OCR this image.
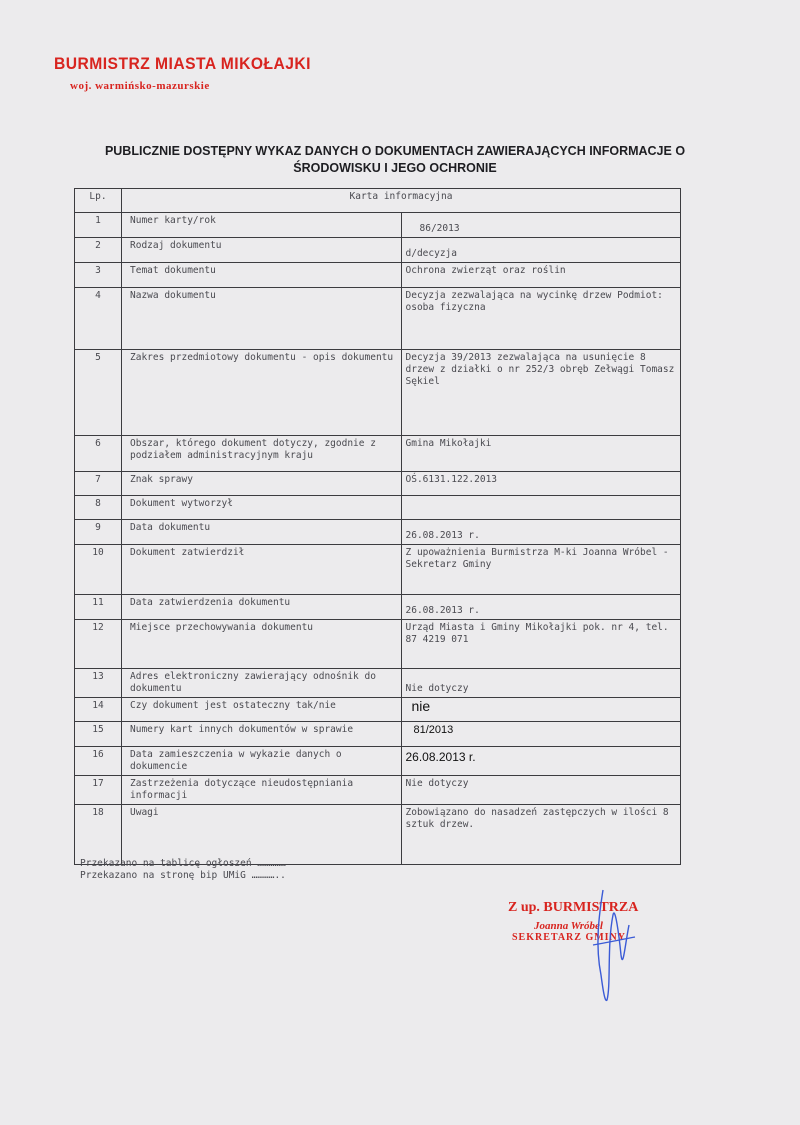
BURMISTRZ MIASTA MIKOŁAJKI
woj. warmińsko-mazurskie
PUBLICZNIE DOSTĘPNY WYKAZ DANYCH O DOKUMENTACH ZAWIERAJĄCYCH INFORMACJE O ŚRODOWISKU I JEGO OCHRONIE
Lp.	Karta informacyjna	
1	Numer karty/rok	86/2013
2	Rodzaj dokumentu	d/decyzja
3	Temat dokumentu	Ochrona zwierząt oraz roślin
4	Nazwa dokumentu	Decyzja zezwalająca na wycinkę drzew Podmiot: osoba fizyczna
5	Zakres przedmiotowy dokumentu - opis dokumentu	Decyzja 39/2013 zezwalająca na usunięcie 8 drzew z działki o nr 252/3 obręb Zełwągi Tomasz Sękiel
6	Obszar, którego dokument dotyczy, zgodnie z podziałem administracyjnym kraju	Gmina Mikołajki
7	Znak sprawy	OŚ.6131.122.2013
8	Dokument wytworzył	
9	Data dokumentu	26.08.2013 r.
10	Dokument zatwierdził	Z upoważnienia Burmistrza M-ki Joanna Wróbel - Sekretarz Gminy
11	Data zatwierdzenia dokumentu	26.08.2013 r.
12	Miejsce przechowywania dokumentu	Urząd Miasta i Gminy Mikołajki pok. nr 4, tel. 87 4219 071
13	Adres elektroniczny zawierający odnośnik do dokumentu	Nie dotyczy
14	Czy dokument jest ostateczny tak/nie	nie
15	Numery kart innych dokumentów w sprawie	81/2013
16	Data zamieszczenia w wykazie danych o dokumencie	26.08.2013 r.
17	Zastrzeżenia dotyczące nieudostępniania informacji	Nie dotyczy
18	Uwagi	Zobowiązano do nasadzeń zastępczych w ilości 8 sztuk drzew.
Przekazano na tablicę ogłoszeń ……………
Przekazano na stronę bip UMiG …………..
Z up. BURMISTRZA
Joanna Wróbel
SEKRETARZ GMINY
